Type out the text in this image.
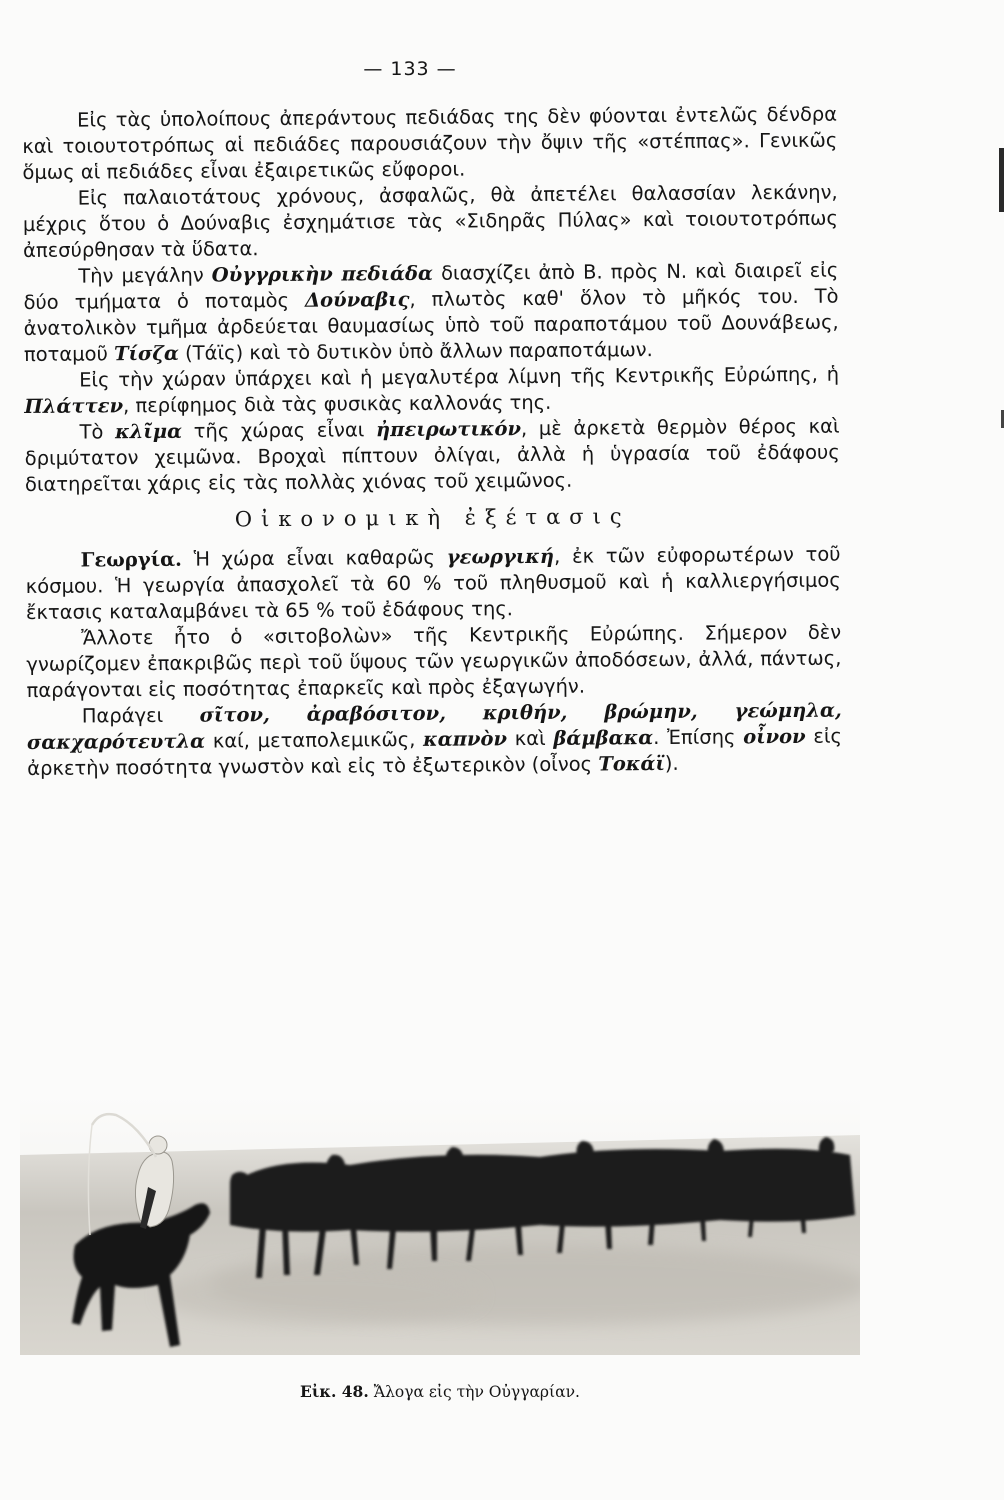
— 133 —

Εἰς τὰς ὑπολοίπους ἀπεράντους πεδιάδας της δὲν φύονται ἐντελῶς δένδρα καὶ τοιουτοτρόπως αἱ πεδιάδες παρουσιάζουν τὴν ὄψιν τῆς «στέππας». Γενικῶς ὅμως αἱ πεδιάδες εἶναι ἐξαιρετικῶς εὔφοροι.

Εἰς παλαιοτάτους χρόνους, ἀσφαλῶς, θὰ ἀπετέλει θαλασσίαν λεκάνην, μέχρις ὅτου ὁ Δούναβις ἐσχημάτισε τὰς «Σιδηρᾶς Πύλας» καὶ τοιουτοτρόπως ἀπεσύρθησαν τὰ ὕδατα.

Τὴν μεγάλην Οὐγγρικὴν πεδιάδα διασχίζει ἀπὸ Β. πρὸς Ν. καὶ διαιρεῖ εἰς δύο τμήματα ὁ ποταμὸς Δούναβις, πλωτὸς καθ' ὅλον τὸ μῆκός του. Τὸ ἀνατολικὸν τμῆμα ἀρδεύεται θαυμασίως ὑπὸ τοῦ παραποτάμου τοῦ Δουνάβεως, ποταμοῦ Τίσζα (Τάϊς) καὶ τὸ δυτικὸν ὑπὸ ἄλλων παραποτάμων.

Εἰς τὴν χώραν ὑπάρχει καὶ ἡ μεγαλυτέρα λίμνη τῆς Κεντρικῆς Εὐρώπης, ἡ Πλάττεν, περίφημος διὰ τὰς φυσικὰς καλλονάς της.

Τὸ κλῖμα τῆς χώρας εἶναι ἠπειρωτικόν, μὲ ἀρκετὰ θερμὸν θέρος καὶ δριμύτατον χειμῶνα. Βροχαὶ πίπτουν ὀλίγαι, ἀλλὰ ἡ ὑγρασία τοῦ ἐδάφους διατηρεῖται χάρις εἰς τὰς πολλὰς χιόνας τοῦ χειμῶνος.

Οἰκονομικὴ ἐξέτασις

Γεωργία. Ἡ χώρα εἶναι καθαρῶς γεωργική, ἐκ τῶν εὐφορωτέρων τοῦ κόσμου. Ἡ γεωργία ἀπασχολεῖ τὰ 60 % τοῦ πληθυσμοῦ καὶ ἡ καλλιεργήσιμος ἔκτασις καταλαμβάνει τὰ 65 % τοῦ ἐδάφους της.

Ἄλλοτε ἦτο ὁ «σιτοβολὼν» τῆς Κεντρικῆς Εὐρώπης. Σήμερον δὲν γνωρίζομεν ἐπακριβῶς περὶ τοῦ ὕψους τῶν γεωργικῶν ἀποδόσεων, ἀλλά, πάντως, παράγονται εἰς ποσότητας ἐπαρκεῖς καὶ πρὸς ἐξαγωγήν.

Παράγει σῖτον, ἀραβόσιτον, κριθήν, βρώμην, γεώμηλα, σακχαρότευτλα καί, μεταπολεμικῶς, καπνὸν καὶ βάμβακα. Ἐπίσης οἶνον εἰς ἀρκετὴν ποσότητα γνωστὸν καὶ εἰς τὸ ἐξωτερικὸν (οἶνος Τοκάϊ).

Εἰκ. 48. Ἄλογα εἰς τὴν Οὐγγαρίαν.
